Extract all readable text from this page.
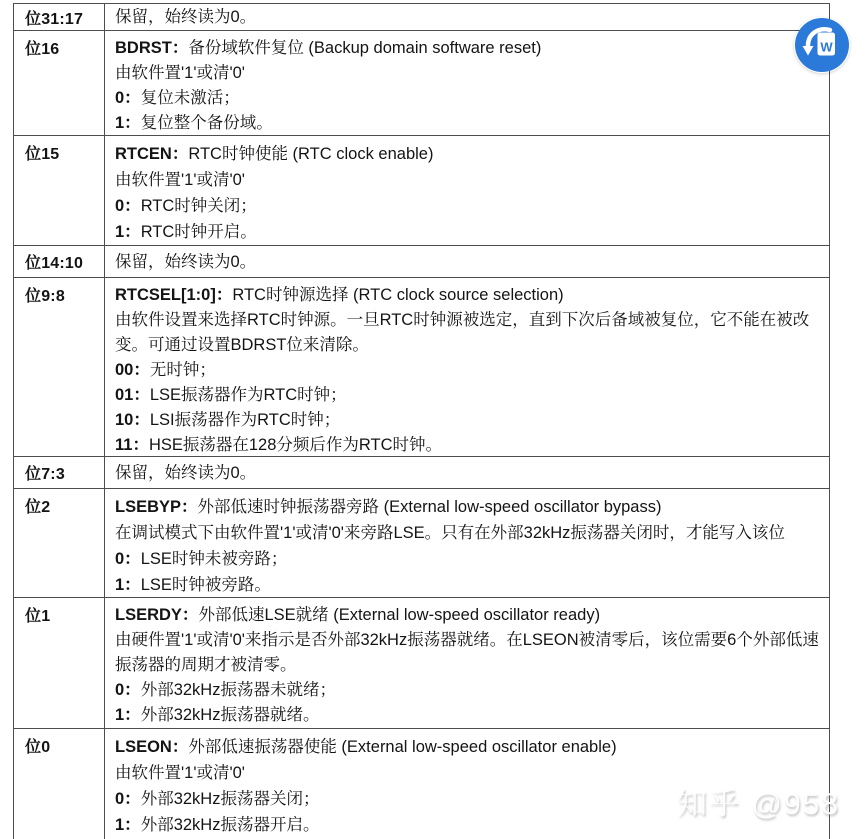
位31:17	保留，始终读为0。
位16	BDRST：备份域软件复位 (Backup domain software reset)
由软件置'1'或清'0'
0：复位未激活；
1：复位整个备份域。
位15	RTCEN：RTC时钟使能 (RTC clock enable)
由软件置'1'或清'0'
0：RTC时钟关闭；
1：RTC时钟开启。
位14:10	保留，始终读为0。
位9:8	RTCSEL[1:0]：RTC时钟源选择 (RTC clock source selection)
由软件设置来选择RTC时钟源。一旦RTC时钟源被选定，直到下次后备域被复位，它不能在被改变。可通过设置BDRST位来清除。
00：无时钟；
01：LSE振荡器作为RTC时钟；
10：LSI振荡器作为RTC时钟；
11：HSE振荡器在128分频后作为RTC时钟。
位7:3	保留，始终读为0。
位2	LSEBYP：外部低速时钟振荡器旁路 (External low-speed oscillator bypass)
在调试模式下由软件置'1'或清'0'来旁路LSE。只有在外部32kHz振荡器关闭时，才能写入该位
0：LSE时钟未被旁路；
1：LSE时钟被旁路。
位1	LSERDY：外部低速LSE就绪 (External low-speed oscillator ready)
由硬件置'1'或清'0'来指示是否外部32kHz振荡器就绪。在LSEON被清零后，该位需要6个外部低速振荡器的周期才被清零。
0：外部32kHz振荡器未就绪；
1：外部32kHz振荡器就绪。
位0	LSEON：外部低速振荡器使能 (External low-speed oscillator enable)
由软件置'1'或清'0'
0：外部32kHz振荡器关闭；
1：外部32kHz振荡器开启。
W
知乎 @958
